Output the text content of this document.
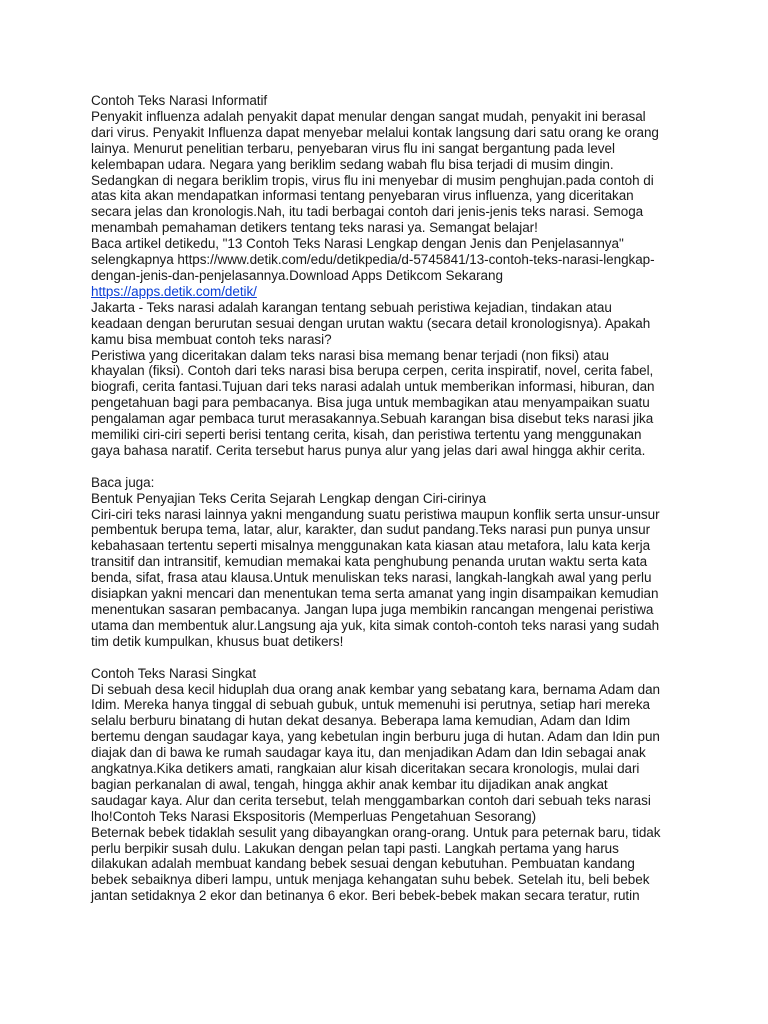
Contoh Teks Narasi Informatif
Penyakit influenza adalah penyakit dapat menular dengan sangat mudah, penyakit ini berasal
dari virus. Penyakit Influenza dapat menyebar melalui kontak langsung dari satu orang ke orang
lainya. Menurut penelitian terbaru, penyebaran virus flu ini sangat bergantung pada level
kelembapan udara. Negara yang beriklim sedang wabah flu bisa terjadi di musim dingin.
Sedangkan di negara beriklim tropis, virus flu ini menyebar di musim penghujan.pada contoh di
atas kita akan mendapatkan informasi tentang penyebaran virus influenza, yang diceritakan
secara jelas dan kronologis.Nah, itu tadi berbagai contoh dari jenis-jenis teks narasi. Semoga
menambah pemahaman detikers tentang teks narasi ya. Semangat belajar!
Baca artikel detikedu, "13 Contoh Teks Narasi Lengkap dengan Jenis dan Penjelasannya"
selengkapnya https://www.detik.com/edu/detikpedia/d-5745841/13-contoh-teks-narasi-lengkap-
dengan-jenis-dan-penjelasannya.Download Apps Detikcom Sekarang
https://apps.detik.com/detik/
Jakarta - Teks narasi adalah karangan tentang sebuah peristiwa kejadian, tindakan atau
keadaan dengan berurutan sesuai dengan urutan waktu (secara detail kronologisnya). Apakah
kamu bisa membuat contoh teks narasi?
Peristiwa yang diceritakan dalam teks narasi bisa memang benar terjadi (non fiksi) atau
khayalan (fiksi). Contoh dari teks narasi bisa berupa cerpen, cerita inspiratif, novel, cerita fabel,
biografi, cerita fantasi.Tujuan dari teks narasi adalah untuk memberikan informasi, hiburan, dan
pengetahuan bagi para pembacanya. Bisa juga untuk membagikan atau menyampaikan suatu
pengalaman agar pembaca turut merasakannya.Sebuah karangan bisa disebut teks narasi jika
memiliki ciri-ciri seperti berisi tentang cerita, kisah, dan peristiwa tertentu yang menggunakan
gaya bahasa naratif. Cerita tersebut harus punya alur yang jelas dari awal hingga akhir cerita.
Baca juga:
Bentuk Penyajian Teks Cerita Sejarah Lengkap dengan Ciri-cirinya
Ciri-ciri teks narasi lainnya yakni mengandung suatu peristiwa maupun konflik serta unsur-unsur
pembentuk berupa tema, latar, alur, karakter, dan sudut pandang.Teks narasi pun punya unsur
kebahasaan tertentu seperti misalnya menggunakan kata kiasan atau metafora, lalu kata kerja
transitif dan intransitif, kemudian memakai kata penghubung penanda urutan waktu serta kata
benda, sifat, frasa atau klausa.Untuk menuliskan teks narasi, langkah-langkah awal yang perlu
disiapkan yakni mencari dan menentukan tema serta amanat yang ingin disampaikan kemudian
menentukan sasaran pembacanya. Jangan lupa juga membikin rancangan mengenai peristiwa
utama dan membentuk alur.Langsung aja yuk, kita simak contoh-contoh teks narasi yang sudah
tim detik kumpulkan, khusus buat detikers!
Contoh Teks Narasi Singkat
Di sebuah desa kecil hiduplah dua orang anak kembar yang sebatang kara, bernama Adam dan
Idim. Mereka hanya tinggal di sebuah gubuk, untuk memenuhi isi perutnya, setiap hari mereka
selalu berburu binatang di hutan dekat desanya. Beberapa lama kemudian, Adam dan Idim
bertemu dengan saudagar kaya, yang kebetulan ingin berburu juga di hutan. Adam dan Idin pun
diajak dan di bawa ke rumah saudagar kaya itu, dan menjadikan Adam dan Idin sebagai anak
angkatnya.Kika detikers amati, rangkaian alur kisah diceritakan secara kronologis, mulai dari
bagian perkanalan di awal, tengah, hingga akhir anak kembar itu dijadikan anak angkat
saudagar kaya. Alur dan cerita tersebut, telah menggambarkan contoh dari sebuah teks narasi
lho!Contoh Teks Narasi Ekspositoris (Memperluas Pengetahuan Sesorang)
Beternak bebek tidaklah sesulit yang dibayangkan orang-orang. Untuk para peternak baru, tidak
perlu berpikir susah dulu. Lakukan dengan pelan tapi pasti. Langkah pertama yang harus
dilakukan adalah membuat kandang bebek sesuai dengan kebutuhan. Pembuatan kandang
bebek sebaiknya diberi lampu, untuk menjaga kehangatan suhu bebek. Setelah itu, beli bebek
jantan setidaknya 2 ekor dan betinanya 6 ekor. Beri bebek-bebek makan secara teratur, rutin
